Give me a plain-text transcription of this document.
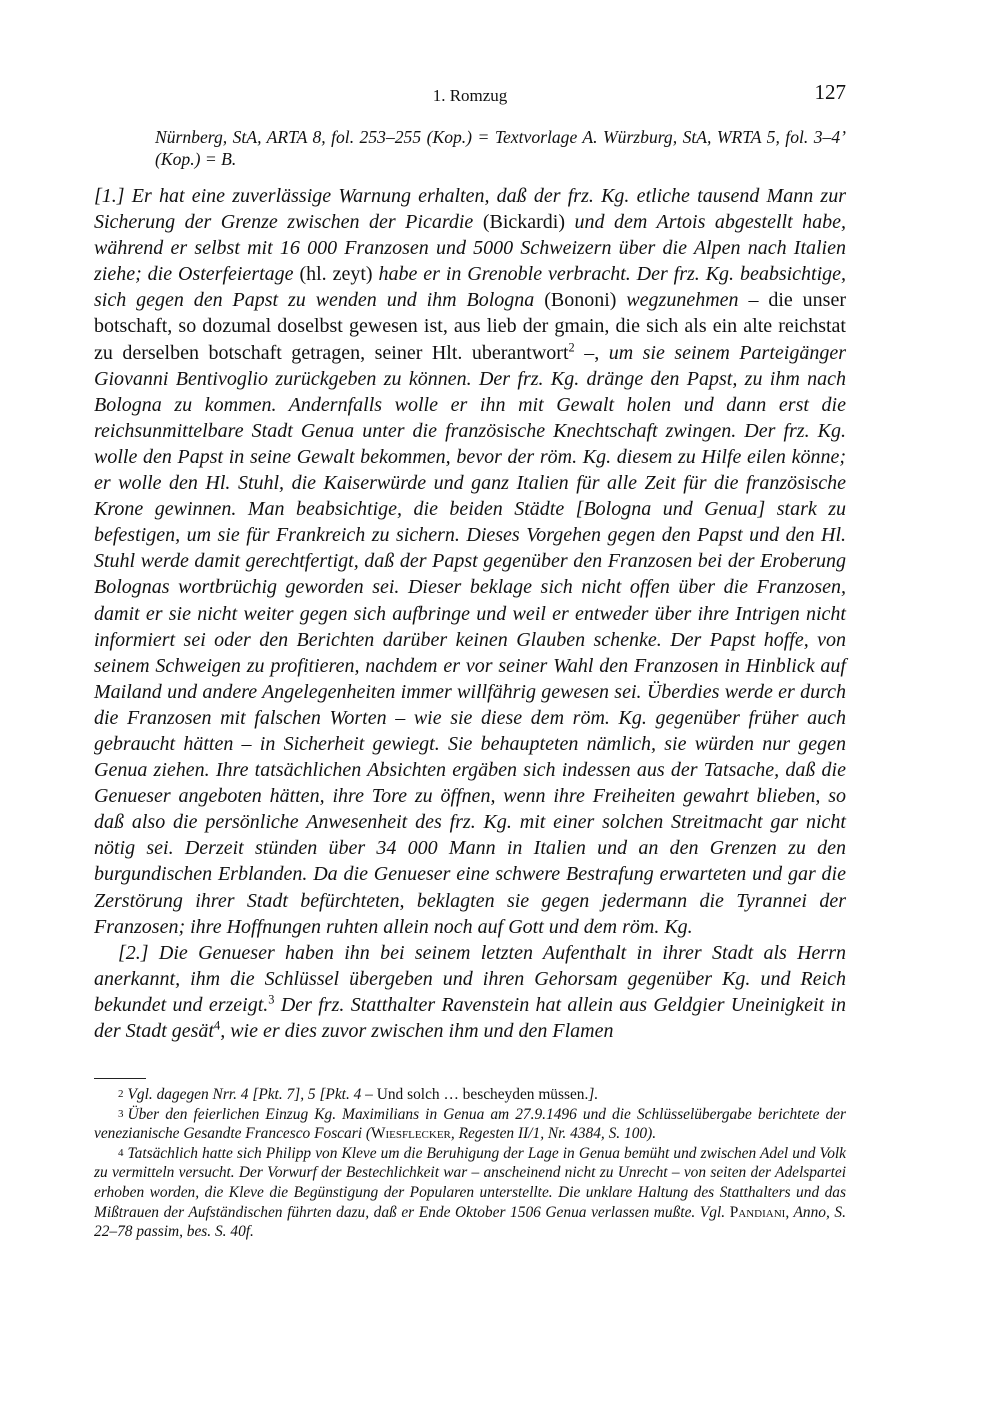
1. Romzug	127
Nürnberg, StA, ARTA 8, fol. 253–255 (Kop.) = Textvorlage A. Würzburg, StA, WRTA 5, fol. 3–4’ (Kop.) = B.

[1.] Er hat eine zuverlässige Warnung erhalten, daß der frz. Kg. etliche tausend Mann zur Sicherung der Grenze zwischen der Picardie (Bickardi) und dem Artois abgestellt habe, während er selbst mit 16 000 Franzosen und 5000 Schweizern über die Alpen nach Italien ziehe; die Osterfeiertage (hl. zeyt) habe er in Grenoble verbracht. Der frz. Kg. beabsichtige, sich gegen den Papst zu wenden und ihm Bologna (Bononi) wegzunehmen – die unser botschaft, so dozumal doselbst gewesen ist, aus lieb der gmain, die sich als ein alte reichstat zu derselben botschaft getragen, seiner Hlt. uberantwort$^2$ –, um sie seinem Parteigänger Giovanni Bentivoglio zurückgeben zu können. Der frz. Kg. dränge den Papst, zu ihm nach Bologna zu kommen. Andernfalls wolle er ihn mit Gewalt holen und dann erst die reichsunmittelbare Stadt Genua unter die französische Knechtschaft zwingen. Der frz. Kg. wolle den Papst in seine Gewalt bekommen, bevor der röm. Kg. diesem zu Hilfe eilen könne; er wolle den Hl. Stuhl, die Kaiserwürde und ganz Italien für alle Zeit für die französische Krone gewinnen. Man beabsichtige, die beiden Städte [Bologna und Genua] stark zu befestigen, um sie für Frankreich zu sichern. Dieses Vorgehen gegen den Papst und den Hl. Stuhl werde damit gerechtfertigt, daß der Papst gegenüber den Franzosen bei der Eroberung Bolognas wortbrüchig geworden sei. Dieser beklage sich nicht offen über die Franzosen, damit er sie nicht weiter gegen sich aufbringe und weil er entweder über ihre Intrigen nicht informiert sei oder den Berichten darüber keinen Glauben schenke. Der Papst hoffe, von seinem Schweigen zu profitieren, nachdem er vor seiner Wahl den Franzosen in Hinblick auf Mailand und andere Angelegenheiten immer willfährig gewesen sei. Überdies werde er durch die Franzosen mit falschen Worten – wie sie diese dem röm. Kg. gegenüber früher auch gebraucht hätten – in Sicherheit gewiegt. Sie behaupteten nämlich, sie würden nur gegen Genua ziehen. Ihre tatsächlichen Absichten ergäben sich indessen aus der Tatsache, daß die Genueser angeboten hätten, ihre Tore zu öffnen, wenn ihre Freiheiten gewahrt blieben, so daß also die persönliche Anwesenheit des frz. Kg. mit einer solchen Streitmacht gar nicht nötig sei. Derzeit stünden über 34 000 Mann in Italien und an den Grenzen zu den burgundischen Erblanden. Da die Genueser eine schwere Bestrafung erwarteten und gar die Zerstörung ihrer Stadt befürchteten, beklagten sie gegen jedermann die Tyrannei der Franzosen; ihre Hoffnungen ruhten allein noch auf Gott und dem röm. Kg.

[2.] Die Genueser haben ihn bei seinem letzten Aufenthalt in ihrer Stadt als Herrn anerkannt, ihm die Schlüssel übergeben und ihren Gehorsam gegenüber Kg. und Reich bekundet und erzeigt.$^3$ Der frz. Statthalter Ravenstein hat allein aus Geldgier Uneinigkeit in der Stadt gesät$^4$, wie er dies zuvor zwischen ihm und den Flamen

2 Vgl. dagegen Nrr. 4 [Pkt. 7], 5 [Pkt. 4 – Und solch … bescheyden müssen.].

3 Über den feierlichen Einzug Kg. Maximilians in Genua am 27.9.1496 und die Schlüsselübergabe berichtete der venezianische Gesandte Francesco Foscari (Wiesflecker, Regesten II/1, Nr. 4384, S. 100).

4 Tatsächlich hatte sich Philipp von Kleve um die Beruhigung der Lage in Genua bemüht und zwischen Adel und Volk zu vermitteln versucht. Der Vorwurf der Bestechlichkeit war – anscheinend nicht zu Unrecht – von seiten der Adelspartei erhoben worden, die Kleve die Begünstigung der Popularen unterstellte. Die unklare Haltung des Statthalters und das Mißtrauen der Aufständischen führten dazu, daß er Ende Oktober 1506 Genua verlassen mußte. Vgl. Pandiani, Anno, S. 22–78 passim, bes. S. 40f.
